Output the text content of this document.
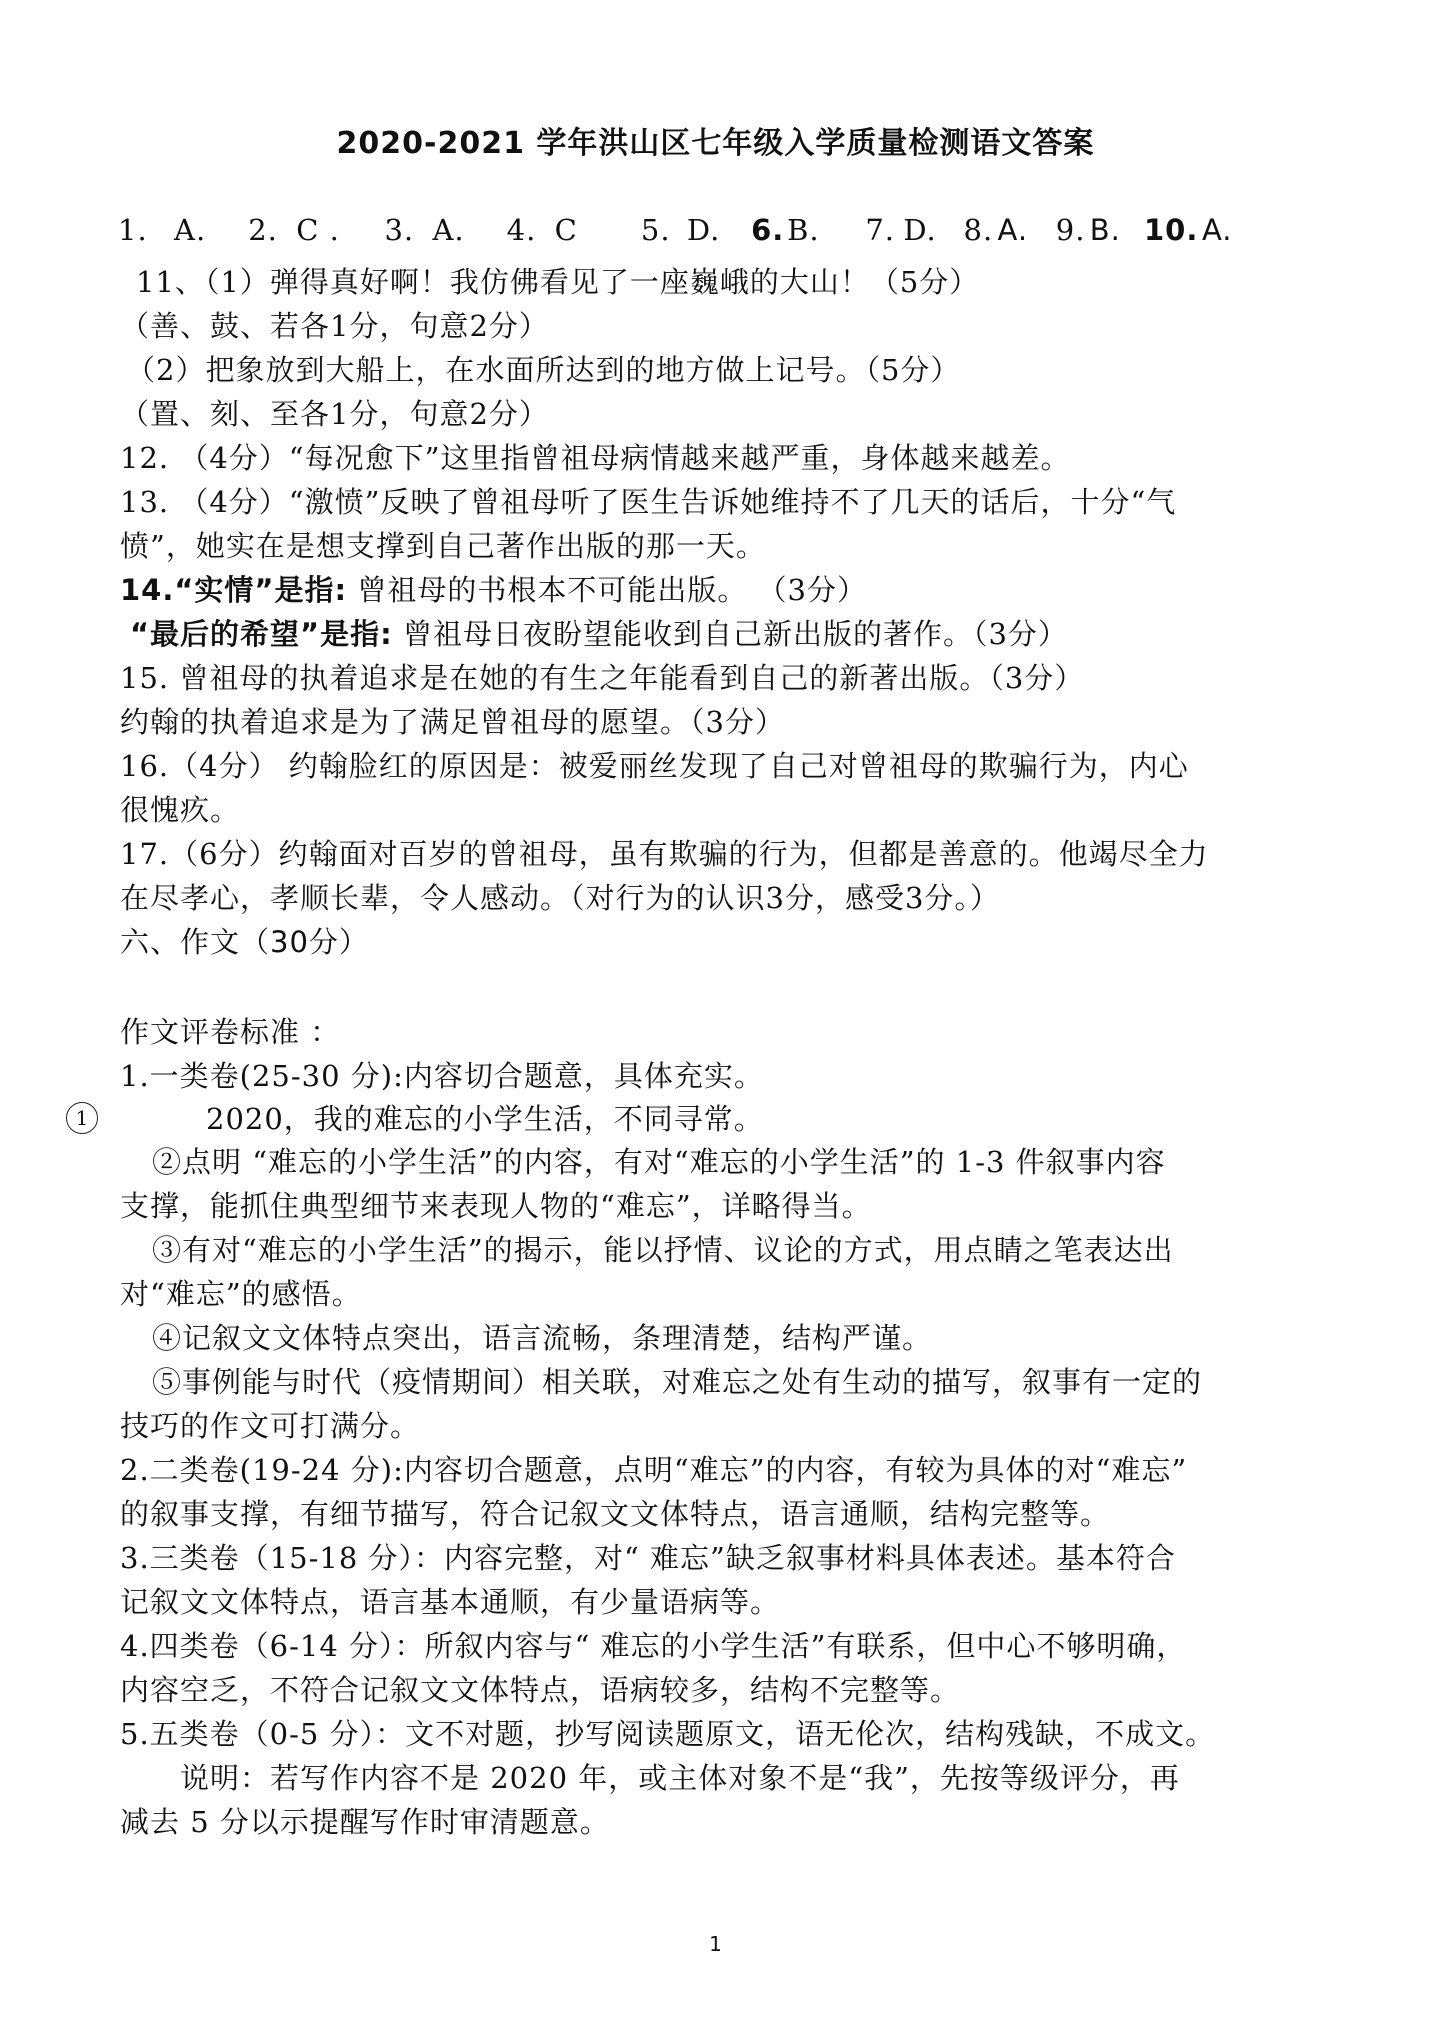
2020-2021 学年洪山区七年级入学质量检测语文答案
1. A. 2. C . 3. A. 4. C 5. D. 6.B. 7. D. 8. A. 9. B. 10. A.
11、（1）弹得真好啊！我仿佛看见了一座巍峨的大山！（5分）
（善、鼓、若各1分，句意2分）
（2）把象放到大船上，在水面所达到的地方做上记号。（5分）
（置、刻、至各1分，句意2分）
12. （4分）“每况愈下”这里指曾祖母病情越来越严重，身体越来越差。
13. （4分）“激愤”反映了曾祖母听了医生告诉她维持不了几天的话后，十分“气
愤”，她实在是想支撑到自己著作出版的那一天。
14.“实情”是指: 曾祖母的书根本不可能出版。 （3分）
“最后的希望”是指: 曾祖母日夜盼望能收到自己新出版的著作。（3分）
15. 曾祖母的执着追求是在她的有生之年能看到自己的新著出版。（3分）
约翰的执着追求是为了满足曾祖母的愿望。（3分）
16.（4分） 约翰脸红的原因是：被爱丽丝发现了自己对曾祖母的欺骗行为，内心
很愧疚。
17.（6分）约翰面对百岁的曾祖母，虽有欺骗的行为，但都是善意的。他竭尽全力
在尽孝心，孝顺长辈，令人感动。（对行为的认识3分，感受3分。）
六、作文（30分）
作文评卷标准 ：
1.一类卷(25-30 分):内容切合题意，具体充实。
1	2020，我的难忘的小学生活，不同寻常。
②点明 “难忘的小学生活”的内容，有对“难忘的小学生活”的 1-3 件叙事内容
支撑，能抓住典型细节来表现人物的“难忘”，详略得当。
③有对“难忘的小学生活”的揭示，能以抒情、议论的方式，用点睛之笔表达出
对“难忘”的感悟。
④记叙文文体特点突出，语言流畅，条理清楚，结构严谨。
⑤事例能与时代（疫情期间）相关联，对难忘之处有生动的描写，叙事有一定的
技巧的作文可打满分。
2.二类卷(19-24 分):内容切合题意，点明“难忘”的内容，有较为具体的对“难忘”
的叙事支撑，有细节描写，符合记叙文文体特点，语言通顺，结构完整等。
3.三类卷（15-18 分）：内容完整，对“ 难忘”缺乏叙事材料具体表述。基本符合
记叙文文体特点，语言基本通顺，有少量语病等。
4.四类卷（6-14 分）：所叙内容与“ 难忘的小学生活”有联系，但中心不够明确，
内容空乏，不符合记叙文文体特点，语病较多，结构不完整等。
5.五类卷（0-5 分）：文不对题，抄写阅读题原文，语无伦次，结构残缺，不成文。
说明：若写作内容不是 2020 年，或主体对象不是“我”，先按等级评分，再
减去 5 分以示提醒写作时审清题意。
1
